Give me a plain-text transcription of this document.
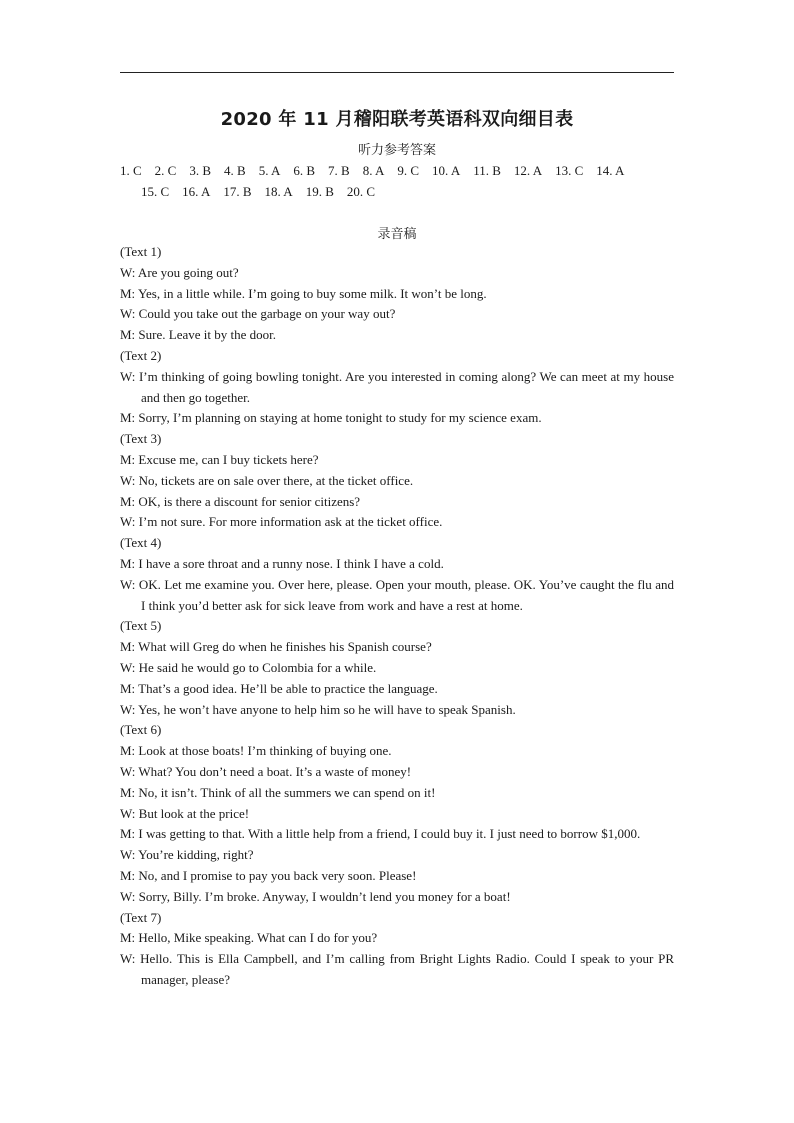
2020 年 11 月稽阳联考英语科双向细目表
听力参考答案
1. C 2. C 3. B 4. B 5. A 6. B 7. B 8. A 9. C 10. A 11. B 12. A 13. C 14. A
15. C 16. A 17. B 18. A 19. B 20. C
录音稿
(Text 1)
W: Are you going out?
M: Yes, in a little while. I’m going to buy some milk. It won’t be long.
W: Could you take out the garbage on your way out?
M: Sure. Leave it by the door.
(Text 2)
W: I’m thinking of going bowling tonight. Are you interested in coming along? We can meet at my house and then go together.
M: Sorry, I’m planning on staying at home tonight to study for my science exam.
(Text 3)
M: Excuse me, can I buy tickets here?
W: No, tickets are on sale over there, at the ticket office.
M: OK, is there a discount for senior citizens?
W: I’m not sure. For more information ask at the ticket office.
(Text 4)
M: I have a sore throat and a runny nose. I think I have a cold.
W: OK. Let me examine you. Over here, please. Open your mouth, please. OK. You’ve caught the flu and I think you’d better ask for sick leave from work and have a rest at home.
(Text 5)
M: What will Greg do when he finishes his Spanish course?
W: He said he would go to Colombia for a while.
M: That’s a good idea. He’ll be able to practice the language.
W: Yes, he won’t have anyone to help him so he will have to speak Spanish.
(Text 6)
M: Look at those boats! I’m thinking of buying one.
W: What? You don’t need a boat. It’s a waste of money!
M: No, it isn’t. Think of all the summers we can spend on it!
W: But look at the price!
M: I was getting to that. With a little help from a friend, I could buy it. I just need to borrow $1,000.
W: You’re kidding, right?
M: No, and I promise to pay you back very soon. Please!
W: Sorry, Billy. I’m broke. Anyway, I wouldn’t lend you money for a boat!
(Text 7)
M: Hello, Mike speaking. What can I do for you?
W: Hello. This is Ella Campbell, and I’m calling from Bright Lights Radio. Could I speak to your PR manager, please?
